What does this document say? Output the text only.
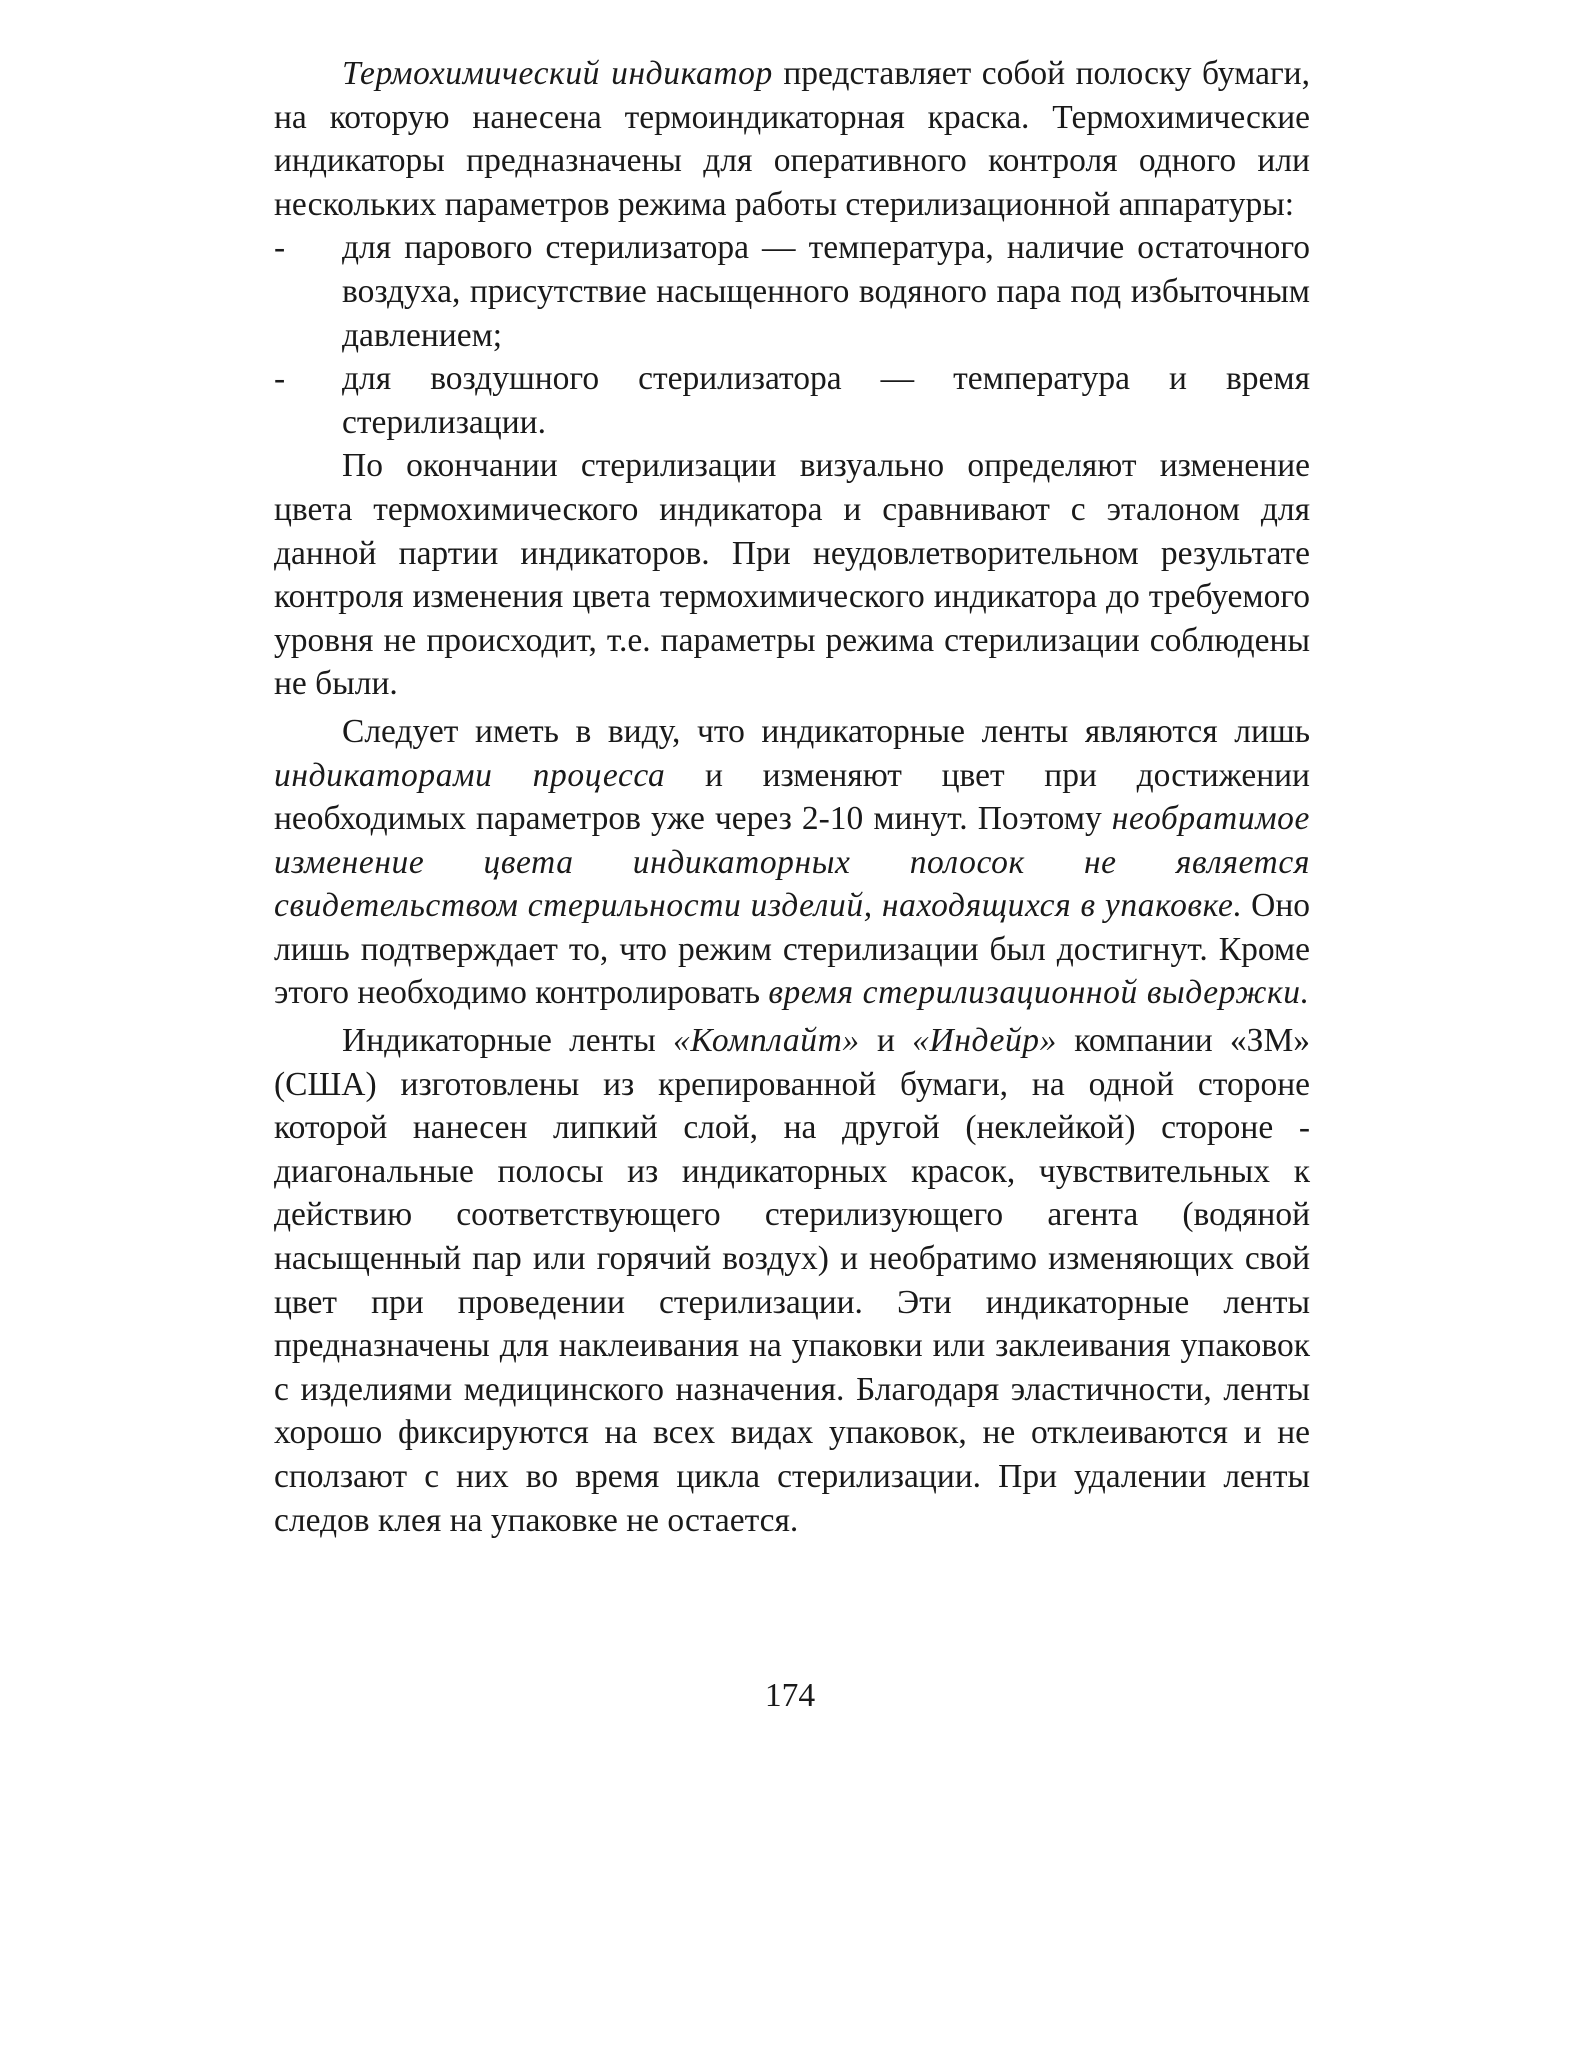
Термохимический индикатор представляет собой полоску бумаги, на которую нанесена термоиндикаторная краска. Термохимические индикаторы предназначены для оперативного контроля одного или нескольких параметров режима работы стерилизационной аппаратуры:

- для парового стерилизатора — температура, наличие остаточного воздуха, присутствие насыщенного водяного пара под избыточным давлением;

- для воздушного стерилизатора — температура и время стерилизации.

По окончании стерилизации визуально определяют изменение цвета термохимического индикатора и сравнивают с эталоном для данной партии индикаторов. При неудовлетворительном результате контроля изменения цвета термохимического индикатора до требуемого уровня не происходит, т.е. параметры режима стерилизации соблюдены не были.

Следует иметь в виду, что индикаторные ленты являются лишь индикаторами процесса и изменяют цвет при достижении необходимых параметров уже через 2-10 минут. Поэтому необратимое изменение цвета индикаторных полосок не является свидетельством стерильности изделий, находящихся в упаковке. Оно лишь подтверждает то, что режим стерилизации был достигнут. Кроме этого необходимо контролировать время стерилизационной выдержки.

Индикаторные ленты «Комплайт» и «Индейр» компании «ЗМ» (США) изготовлены из крепированной бумаги, на одной стороне которой нанесен липкий слой, на другой (неклейкой) стороне - диагональные полосы из индикаторных красок, чувствительных к действию соответствующего стерилизующего агента (водяной насыщенный пар или горячий воздух) и необратимо изменяющих свой цвет при проведении стерилизации. Эти индикаторные ленты предназначены для наклеивания на упаковки или заклеивания упаковок с изделиями медицинского назначения. Благодаря эластичности, ленты хорошо фиксируются на всех видах упаковок, не отклеиваются и не сползают с них во время цикла стерилизации. При удалении ленты следов клея на упаковке не остается.

174
